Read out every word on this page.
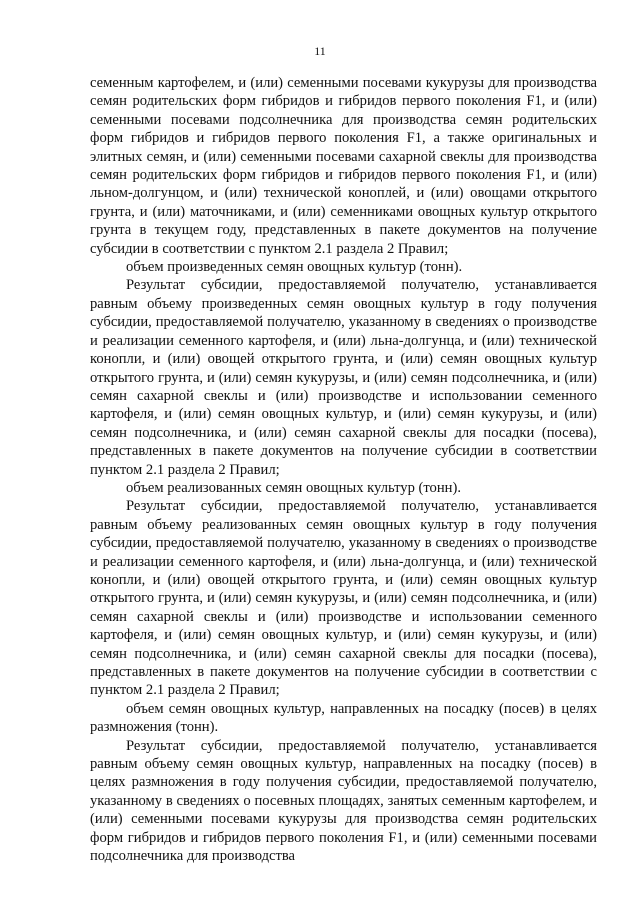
11

семенным картофелем, и (или) семенными посевами кукурузы для производства семян родительских форм гибридов и гибридов первого поколения F1, и (или) семенными посевами подсолнечника для производства семян родительских форм гибридов и гибридов первого поколения F1, а также оригинальных и элитных семян, и (или) семенными посевами сахарной свеклы для производства семян родительских форм гибридов и гибридов первого поколения F1, и (или) льном-долгунцом, и (или) технической коноплей, и (или) овощами открытого грунта, и (или) маточниками, и (или) семенниками овощных культур открытого грунта в текущем году, представленных в пакете документов на получение субсидии в соответствии с пунктом 2.1 раздела 2 Правил;

объем произведенных семян овощных культур (тонн).

Результат субсидии, предоставляемой получателю, устанавливается равным объему произведенных семян овощных культур в году получения субсидии, предоставляемой получателю, указанному в сведениях о производстве и реализации семенного картофеля, и (или) льна-долгунца, и (или) технической конопли, и (или) овощей открытого грунта, и (или) семян овощных культур открытого грунта, и (или) семян кукурузы, и (или) семян подсолнечника, и (или) семян сахарной свеклы и (или) производстве и использовании семенного картофеля, и (или) семян овощных культур, и (или) семян кукурузы, и (или) семян подсолнечника, и (или) семян сахарной свеклы для посадки (посева), представленных в пакете документов на получение субсидии в соответствии пунктом 2.1 раздела 2 Правил;

объем реализованных семян овощных культур (тонн).

Результат субсидии, предоставляемой получателю, устанавливается равным объему реализованных семян овощных культур в году получения субсидии, предоставляемой получателю, указанному в сведениях о производстве и реализации семенного картофеля, и (или) льна-долгунца, и (или) технической конопли, и (или) овощей открытого грунта, и (или) семян овощных культур открытого грунта, и (или) семян кукурузы, и (или) семян подсолнечника, и (или) семян сахарной свеклы и (или) производстве и использовании семенного картофеля, и (или) семян овощных культур, и (или) семян кукурузы, и (или) семян подсолнечника, и (или) семян сахарной свеклы для посадки (посева), представленных в пакете документов на получение субсидии в соответствии с пунктом 2.1 раздела 2 Правил;

объем семян овощных культур, направленных на посадку (посев) в целях размножения (тонн).

Результат субсидии, предоставляемой получателю, устанавливается равным объему семян овощных культур, направленных на посадку (посев) в целях размножения в году получения субсидии, предоставляемой получателю, указанному в сведениях о посевных площадях, занятых семенным картофелем, и (или) семенными посевами кукурузы для производства семян родительских форм гибридов и гибридов первого поколения F1, и (или) семенными посевами подсолнечника для производства
